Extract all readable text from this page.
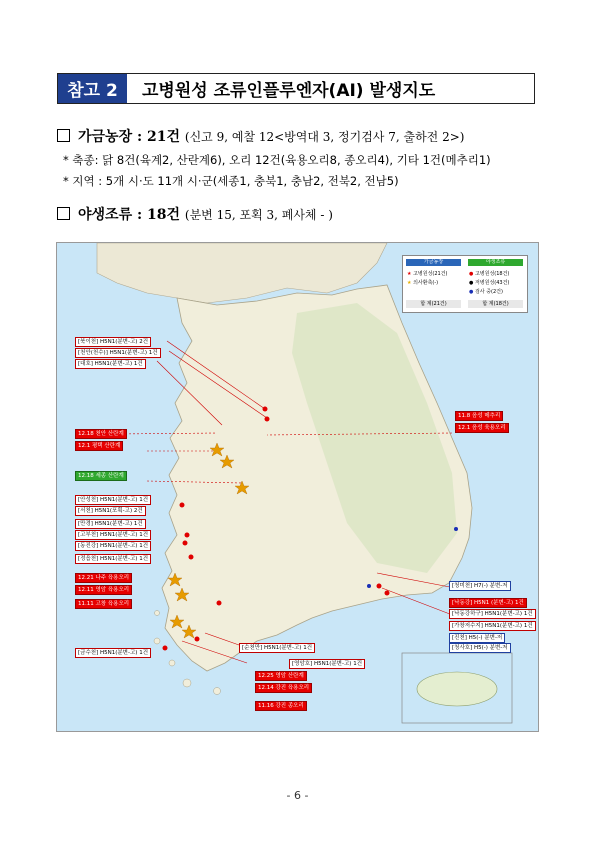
참고 2	고병원성 조류인플루엔자(AI) 발생지도
가금농장 : 21건 (신고 9, 예찰 12<방역대 3, 정기검사 7, 출하전 2>)
* 축종: 닭 8건(육계2, 산란계6), 오리 12건(육용오리8, 종오리4), 기타 1건(메추리1)
* 지역 : 5개 시·도 11개 시·군(세종1, 충북1, 충남2, 전북2, 전남5)
야생조류 : 18건 (분변 15, 포획 3, 폐사체 - )
가금농장	야생조류
★ 고병원성(21건)
★ 의사환축(-)
● 고병원성(18건)
● 저병원성(43건)
● 검사 중(2건)
합 계(21건)	합 계(18건)
[북이천] H5N1(분변-고) 2건
[천안(천수)] H5N1(분변-고) 1건
[대호] H5N1(분변-고) 1건
12.18 천안 산란계
12.1 평택 산란계
12.18 세종 산란계
[안성천] H5N1(분변-고) 1건
[서천] H5N1(포획-고) 2건
[만경] H5N1(분변-고) 1건
[고부천] H5N1(분변-고) 1건
[동진강] H5N1(분변-고) 1건
[정읍천] H5N1(분변-고) 1건
12.21 나주 육용오리
12.11 영암 육용오리
11.11 고창 육용오리
[금수천] H5N1(분변-고) 1건
11.8 음성 메추리
12.1 음성 육용오리
[청미천] H7(-) 분변-저
[낙동강] H5N1 (분변-고) 1건
[낙동강하구] H5N1(분변-고) 1건
[가창저수지] H5N1(분변-고) 1건
[진천] H5(-) 분변-저
[청사호] H5(-) 분변-저
[순천만] H5N1(분변-고) 1건
[영암호] H5N1(분변-고) 1건
12.25 영암 산란계
12.14 강진 육용오리
11.16 강진 종오리
- 6 -
